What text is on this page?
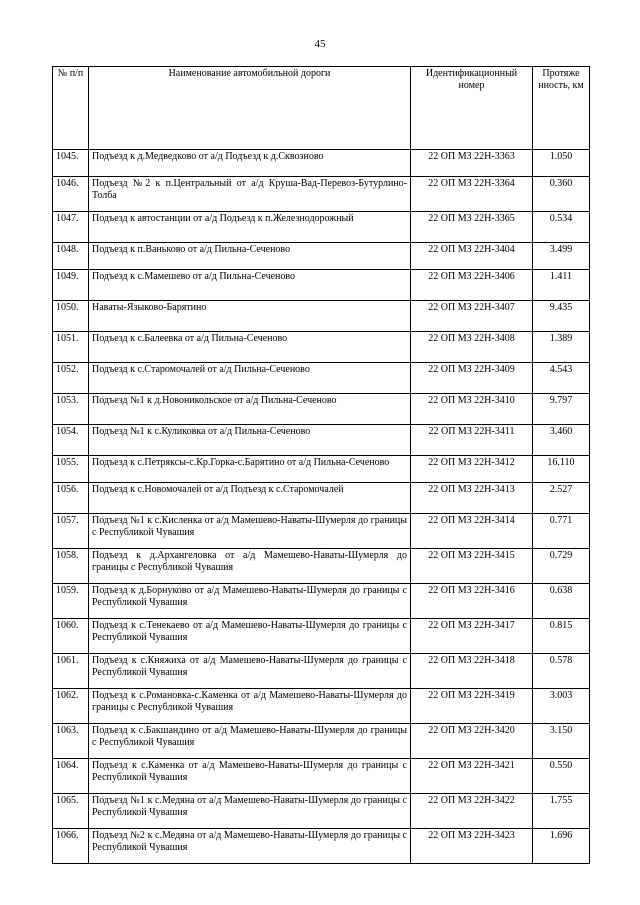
45
№ п/п	Наименование автомобильной дороги	Идентификационный номер	Протяже нность, км
1045.	Подъезд к д.Медведково от а/д Подъезд к д.Сквозново	22 ОП МЗ 22Н-3363	1.050
1046.	Подъезд №2 к п.Центральный от а/д Круша-Вад-Перевоз-Бутурлино-Толба	22 ОП МЗ 22Н-3364	0.360
1047.	Подъезд к автостанции от а/д Подъезд к п.Железнодорожный	22 ОП МЗ 22Н-3365	0.534
1048.	Подъезд к п.Ваньково от а/д Пильна-Сеченово	22 ОП МЗ 22Н-3404	3.499
1049.	Подъезд к с.Мамешево от а/д Пильна-Сеченово	22 ОП МЗ 22Н-3406	1.411
1050.	Наваты-Языково-Барятино	22 ОП МЗ 22Н-3407	9.435
1051.	Подъезд к с.Балеевка от а/д Пильна-Сеченово	22 ОП МЗ 22Н-3408	1.389
1052.	Подъезд к с.Старомочалей от а/д Пильна-Сеченово	22 ОП МЗ 22Н-3409	4.543
1053.	Подъезд №1 к д.Новоникольское от а/д Пильна-Сеченово	22 ОП МЗ 22Н-3410	9.797
1054.	Подъезд №1 к с.Куликовка от а/д Пильна-Сеченово	22 ОП МЗ 22Н-3411	3.460
1055.	Подъезд к с.Петряксы-с.Кр.Горка-с.Барятино от а/д Пильна-Сеченово	22 ОП МЗ 22Н-3412	16.110
1056.	Подъезд к с.Новомочалей от а/д Подъезд к с.Старомочалей	22 ОП МЗ 22Н-3413	2.527
1057.	Подъезд №1 к с.Кисленка от а/д Мамешево-Наваты-Шумерля до границы с Республикой Чувашия	22 ОП МЗ 22Н-3414	0.771
1058.	Подъезд к д.Архангеловка от а/д Мамешево-Наваты-Шумерля до границы с Республикой Чувашия	22 ОП МЗ 22Н-3415	0.729
1059.	Подъезд к д.Борнуково от а/д Мамешево-Наваты-Шумерля до границы с Республикой Чувашия	22 ОП МЗ 22Н-3416	0.638
1060.	Подъезд к с.Тенекаево от а/д Мамешево-Наваты-Шумерля до границы с Республикой Чувашия	22 ОП МЗ 22Н-3417	0.815
1061.	Подъезд к с.Княжиха от а/д Мамешево-Наваты-Шумерля до границы с Республикой Чувашия	22 ОП МЗ 22Н-3418	0.578
1062.	Подъезд к с.Романовка-с.Каменка от а/д Мамешево-Наваты-Шумерля до границы с Республикой Чувашия	22 ОП МЗ 22Н-3419	3.003
1063.	Подъезд к с.Бакшандино от а/д Мамешево-Наваты-Шумерля до границы с Республикой Чувашия	22 ОП МЗ 22Н-3420	3.150
1064.	Подъезд к с.Каменка от а/д Мамешево-Наваты-Шумерля до границы с Республикой Чувашия	22 ОП МЗ 22Н-3421	0.550
1065.	Подъезд №1 к с.Медяна от а/д Мамешево-Наваты-Шумерля до границы с Республикой Чувашия	22 ОП МЗ 22Н-3422	1.755
1066.	Подъезд №2 к с.Медяна от а/д Мамешево-Наваты-Шумерля до границы с Республикой Чувашия	22 ОП МЗ 22Н-3423	1.696
